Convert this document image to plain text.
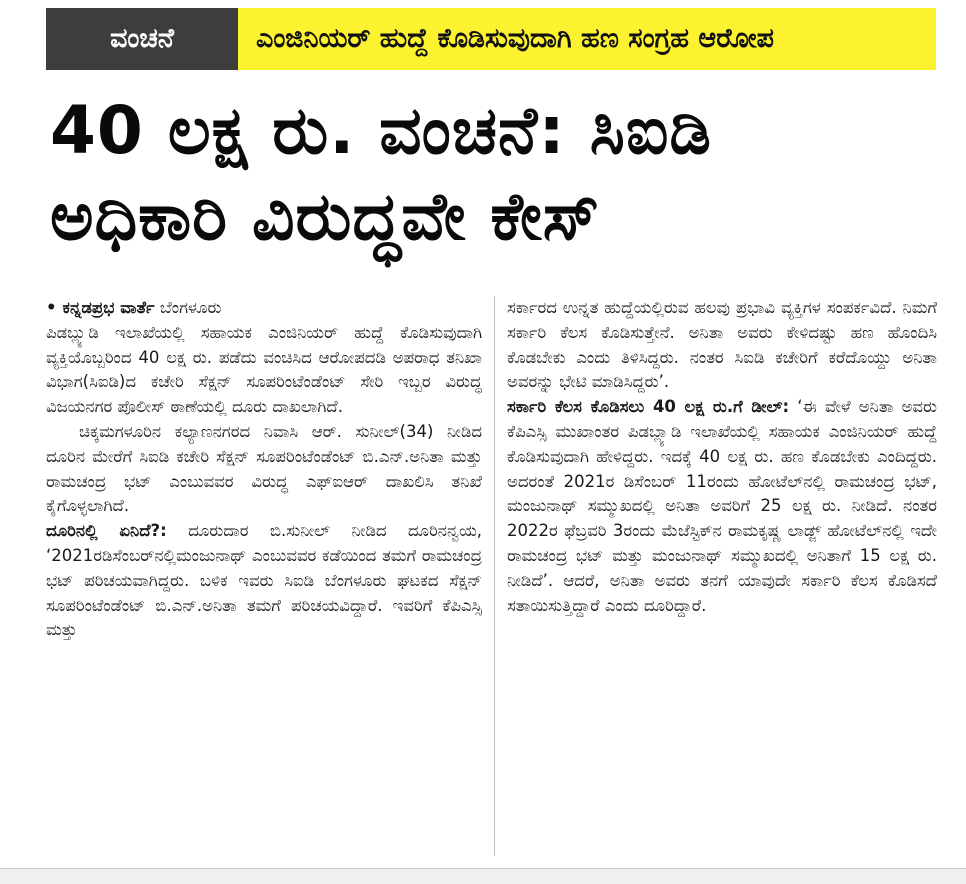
ವಂಚನೆ	ಎಂಜಿನಿಯರ್ ಹುದ್ದೆ ಕೊಡಿಸುವುದಾಗಿ ಹಣ ಸಂಗ್ರಹ ಆರೋಪ
40 ಲಕ್ಷ ರು. ವಂಚನೆ: ಸಿಐಡಿ
ಅಧಿಕಾರಿ ವಿರುದ್ಧವೇ ಕೇಸ್

• ಕನ್ನಡಪ್ರಭ ವಾರ್ತೆ ಬೆಂಗಳೂರು

ಪಿಡಬ್ಲ್ಯುಡಿ ಇಲಾಖೆಯಲ್ಲಿ ಸಹಾಯಕ ಎಂಜಿನಿಯರ್ ಹುದ್ದೆ ಕೊಡಿಸುವುದಾಗಿ ವ್ಯಕ್ತಿಯೊಬ್ಬರಿಂದ 40 ಲಕ್ಷ ರು. ಪಡೆದು ವಂಚಿಸಿದ ಆರೋಪದಡಿ ಅಪರಾಧ ತನಿಖಾ ವಿಭಾಗ(ಸಿಐಡಿ)ದ ಕಚೇರಿ ಸೆಕ್ಷನ್ ಸೂಪರಿಂಟೆಂಡೆಂಟ್ ಸೇರಿ ಇಬ್ಬರ ವಿರುದ್ಧ ವಿಜಯನಗರ ಪೊಲೀಸ್ ಠಾಣೆಯಲ್ಲಿ ದೂರು ದಾಖಲಾಗಿದೆ.

ಚಿಕ್ಕಮಗಳೂರಿನ ಕಲ್ಯಾಣನಗರದ ನಿವಾಸಿ ಆರ್. ಸುನೀಲ್(34) ನೀಡಿದ ದೂರಿನ ಮೇರೆಗೆ ಸಿಐಡಿ ಕಚೇರಿ ಸೆಕ್ಷನ್ ಸೂಪರಿಂಟೆಂಡೆಂಟ್ ಬಿ.ಎನ್.ಅನಿತಾ ಮತ್ತು ರಾಮಚಂದ್ರ ಭಟ್ ಎಂಬುವವರ ವಿರುದ್ಧ ಎಫ್ಐಆರ್ ದಾಖಲಿಸಿ ತನಿಖೆ ಕೈಗೊಳ್ಳಲಾಗಿದೆ.

ದೂರಿನಲ್ಲಿ ಏನಿದೆ?: ದೂರುದಾರ ಬಿ.ಸುನೀಲ್ ನೀಡಿದ ದೂರಿನನ್ವಯ, ‘2021ರಡಿಸೆಂಬರ್‌ನಲ್ಲಿಮಂಜುನಾಥ್ ಎಂಬುವವರ ಕಡೆಯಿಂದ ತಮಗೆ ರಾಮಚಂದ್ರ ಭಟ್ ಪರಿಚಯವಾಗಿದ್ದರು. ಬಳಿಕ ಇವರು ಸಿಐಡಿ ಬೆಂಗಳೂರು ಘಟಕದ ಸೆಕ್ಷನ್ ಸೂಪರಿಂಟೆಂಡೆಂಟ್ ಬಿ.ಎನ್.ಅನಿತಾ ತಮಗೆ ಪರಿಚಯವಿದ್ದಾರೆ. ಇವರಿಗೆ ಕೆಪಿಎಸ್ಸಿ ಮತ್ತು

ಸರ್ಕಾರದ ಉನ್ನತ ಹುದ್ದೆಯಲ್ಲಿರುವ ಹಲವು ಪ್ರಭಾವಿ ವ್ಯಕ್ತಿಗಳ ಸಂಪರ್ಕವಿದೆ. ನಿಮಗೆ ಸರ್ಕಾರಿ ಕೆಲಸ ಕೊಡಿಸುತ್ತೇನೆ. ಅನಿತಾ ಅವರು ಕೇಳಿದಷ್ಟು ಹಣ ಹೊಂದಿಸಿ ಕೊಡಬೇಕು ಎಂದು ತಿಳಿಸಿದ್ದರು. ನಂತರ ಸಿಐಡಿ ಕಚೇರಿಗೆ ಕರೆದೊಯ್ದು ಅನಿತಾ ಅವರನ್ನು ಭೇಟಿ ಮಾಡಿಸಿದ್ದರು’.

ಸರ್ಕಾರಿ ಕೆಲಸ ಕೊಡಿಸಲು 40 ಲಕ್ಷ ರು.ಗೆ ಡೀಲ್: ‘ಈ ವೇಳೆ ಅನಿತಾ ಅವರು ಕೆಪಿಎಸ್ಸಿ ಮುಖಾಂತರ ಪಿಡಬ್ಲ್ಯಾಡಿ ಇಲಾಖೆಯಲ್ಲಿ ಸಹಾಯಕ ಎಂಜಿನಿಯರ್ ಹುದ್ದೆ ಕೊಡಿಸುವುದಾಗಿ ಹೇಳಿದ್ದರು. ಇದಕ್ಕೆ 40 ಲಕ್ಷ ರು. ಹಣ ಕೊಡಬೇಕು ಎಂದಿದ್ದರು. ಅದರಂತೆ 2021ರ ಡಿಸೆಂಬರ್ 11ರಂದು ಹೋಟೆಲ್‌ನಲ್ಲಿ ರಾಮಚಂದ್ರ ಭಟ್, ಮಂಜುನಾಥ್ ಸಮ್ಮುಖದಲ್ಲಿ ಅನಿತಾ ಅವರಿಗೆ 25 ಲಕ್ಷ ರು. ನೀಡಿದೆ. ನಂತರ 2022ರ ಫೆಬ್ರವರಿ 3ರಂದು ಮೆಜೆಸ್ಟಿಕ್‌ನ ರಾಮಕೃಷ್ಣ ಲಾಡ್ಜ್ ಹೋಟೆಲ್‌ನಲ್ಲಿ ಇದೇ ರಾಮಚಂದ್ರ ಭಟ್ ಮತ್ತು ಮಂಜುನಾಥ್ ಸಮ್ಮುಖದಲ್ಲಿ ಅನಿತಾಗೆ 15 ಲಕ್ಷ ರು. ನೀಡಿದೆ’. ಆದರೆ, ಅನಿತಾ ಅವರು ತನಗೆ ಯಾವುದೇ ಸರ್ಕಾರಿ ಕೆಲಸ ಕೊಡಿಸದೆ ಸತಾಯಿಸುತ್ತಿದ್ದಾರೆ ಎಂದು ದೂರಿದ್ದಾರೆ.
